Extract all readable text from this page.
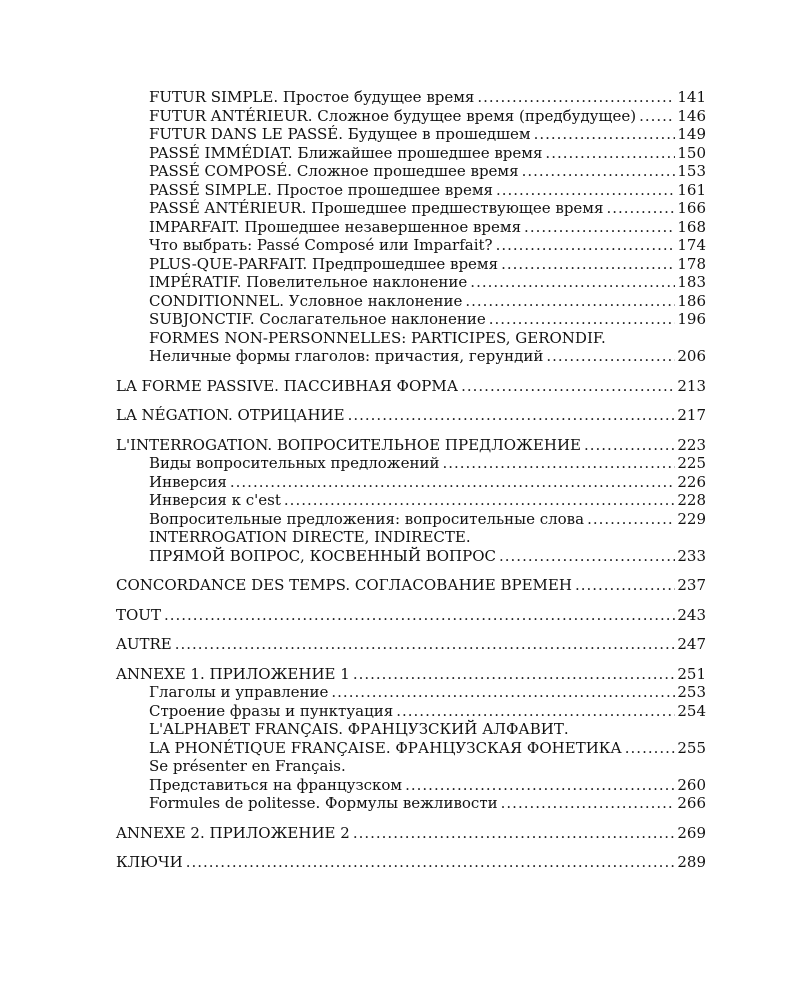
FUTUR SIMPLE. Простое будущее время .....	141
FUTUR ANTÉRIEUR. Сложное будущее время (предбудущее) .....	146
FUTUR DANS LE PASSÉ. Будущее в прошедшем .....	149
PASSÉ IMMÉDIAT. Ближайшее прошедшее время .....	150
PASSÉ COMPOSÉ. Сложное прошедшее время .....	153
PASSÉ SIMPLE. Простое прошедшее время .....	161
PASSÉ ANTÉRIEUR. Прошедшее предшествующее время .....	166
IMPARFAIT. Прошедшее незавершенное время .....	168
Что выбрать: Passé Composé или Imparfait? .....	174
PLUS-QUE-PARFAIT. Предпрошедшее время .....	178
IMPÉRATIF. Повелительное наклонение .....	183
CONDITIONNEL. Условное наклонение .....	186
SUBJONCTIF. Сослагательное наклонение .....	196
FORMES NON-PERSONNELLES: PARTICIPES, GERONDIF.
Неличные формы глаголов: причастия, герундий .....	206
LA FORME PASSIVE. ПАССИВНАЯ ФОРМА .....	213
LA NÉGATION. ОТРИЦАНИЕ .....	217
L'INTERROGATION. ВОПРОСИТЕЛЬНОЕ ПРЕДЛОЖЕНИЕ .....	223
Виды вопросительных предложений .....	225
Инверсия .....	226
Инверсия к c'est .....	228
Вопросительные предложения: вопросительные слова .....	229
INTERROGATION DIRECTE, INDIRECTE.
ПРЯМОЙ ВОПРОС, КОСВЕННЫЙ ВОПРОС .....	233
CONCORDANCE DES TEMPS. СОГЛАСОВАНИЕ ВРЕМЕН .....	237
TOUT .....	243
AUTRE .....	247
ANNEXE 1. ПРИЛОЖЕНИЕ 1 .....	251
Глаголы и управление .....	253
Строение фразы и пунктуация .....	254
L'ALPHABET FRANÇAIS. ФРАНЦУЗСКИЙ АЛФАВИТ.
LA PHONÉTIQUE FRANÇAISE. ФРАНЦУЗСКАЯ ФОНЕТИКА .....	255
Se présenter en Français.
Представиться на французском .....	260
Formules de politesse. Формулы вежливости .....	266
ANNEXE 2. ПРИЛОЖЕНИЕ 2 .....	269
КЛЮЧИ .....	289
